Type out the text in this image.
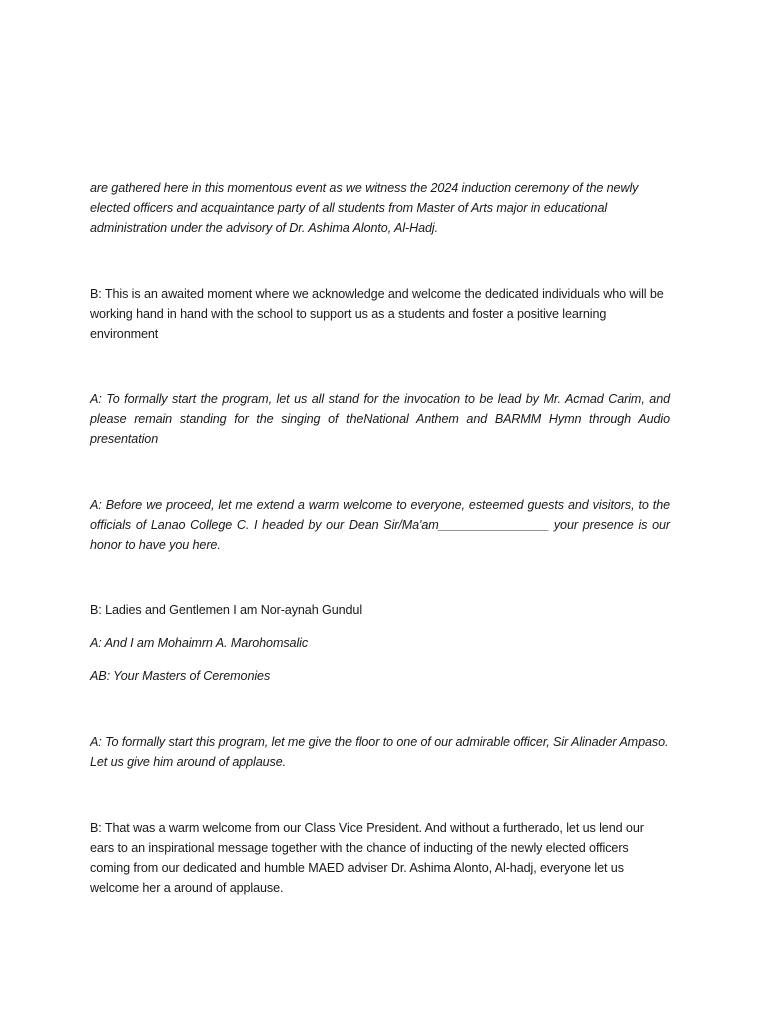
are gathered here in this momentous event as we witness the 2024 induction ceremony of the newly elected officers and acquaintance party of all students from Master of Arts major in educational administration under the advisory of Dr. Ashima Alonto, Al-Hadj.

B: This is an awaited moment where we acknowledge and welcome the dedicated individuals who will be working hand in hand with the school to support us as a students and foster a positive learning environment

A: To formally start the program, let us all stand for the invocation to be lead by Mr. Acmad Carim, and please remain standing for the singing of theNational Anthem and BARMM Hymn through Audio presentation

A: Before we proceed, let me extend a warm welcome to everyone, esteemed guests and visitors, to the officials of Lanao College C. I headed by our Dean Sir/Ma'am________________ your presence is our honor to have you here.

B: Ladies and Gentlemen I am Nor-aynah Gundul

A: And I am Mohaimrn A. Marohomsalic

AB: Your Masters of Ceremonies

A: To formally start this program, let me give the floor to one of our admirable officer, Sir Alinader Ampaso. Let us give him around of applause.

B: That was a warm welcome from our Class Vice President. And without a furtherado, let us lend our ears to an inspirational message together with the chance of inducting of the newly elected officers coming from our dedicated and humble MAED adviser Dr. Ashima Alonto, Al-hadj, everyone let us welcome her a around of applause.
